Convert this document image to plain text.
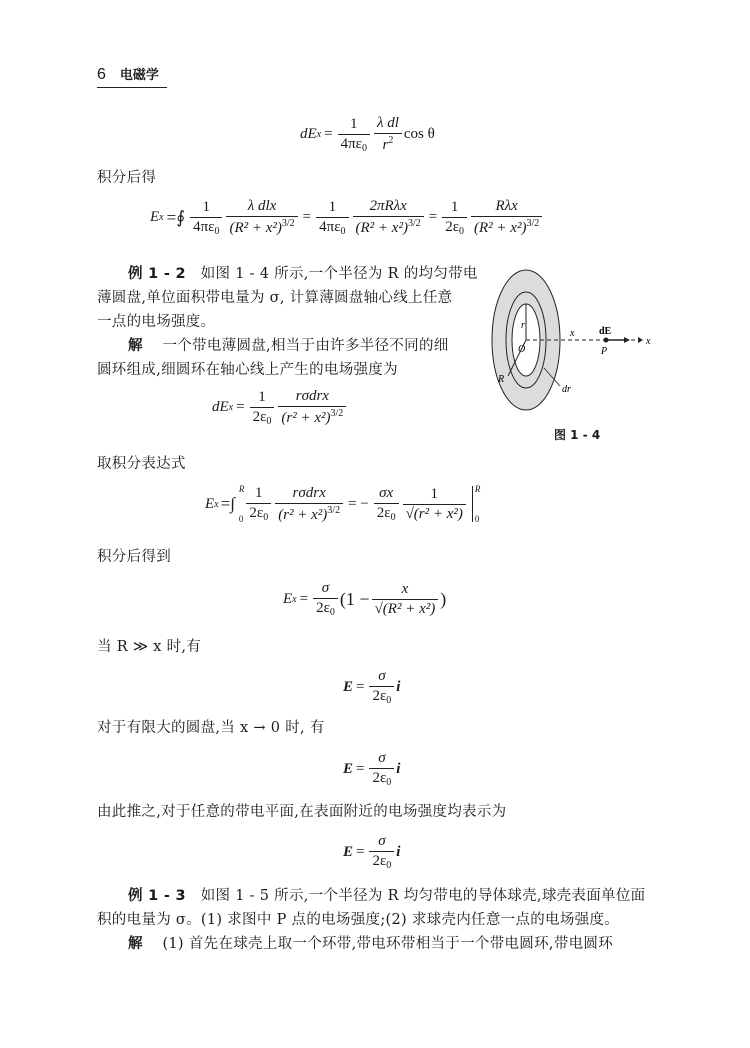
6 电磁学
dE $x = \frac{1}{4\pi\varepsilon_0} \frac{\text{λ dl}}{r^2}$ cos θ
积分后得
E x =∮ $\frac{1}{4\pi\varepsilon_0} \frac{\text{λ dlx}}{(R^2 + x^2)^{3/2}} = \frac{1}{4\pi\varepsilon_0} \frac{\text{2πRλx}}{(R^2 + x^2)^{3/2}} = \frac{1}{2\varepsilon_0} \frac{\text{Rλx}}{(R^2 + x^2)^{3/2}}$
例 1 - 2 如图 1 - 4 所示,一个半径为 R 的均匀带电
薄圆盘,单位面积带电量为 σ, 计算薄圆盘轴心线上任意
一点的电场强度。
解 一个带电薄圆盘,相当于由许多半径不同的细
圆环组成,细圆环在轴心线上产生的电场强度为
dE $x = \frac{1}{2\varepsilon_0} \frac{\text{rσdrx}}{(r^2 + x^2)^{3/2}}$
r
x dE
P
O
R
dr
x
图 1 - 4
取积分表达式
E x =∫
R
$0 \frac{1}{2\varepsilon_0} \frac{\text{rσdrx}}{(r^2 + x^2)^{3/2}}$ = − $\frac{\sigma x}{2\varepsilon_0} \frac{1}{\text{√(r² + x²)}}$ R
0
积分后得到
E $x = \frac{\sigma}{2\varepsilon_0} (1 - \frac{x}{\text{√(R² + x²)}}$ )
当 R ≫ x 时,有
$E = \frac{\sigma}{2\varepsilon_0}$ i
对于有限大的圆盘,当 x → 0 时, 有
$E = \frac{\sigma}{2\varepsilon_0}$ i
由此推之,对于任意的带电平面,在表面附近的电场强度均表示为
$E = \frac{\sigma}{2\varepsilon_0}$ i
例 1 - 3 如图 1 - 5 所示,一个半径为 R 均匀带电的导体球壳,球壳表面单位面
积的电量为 σ。(1) 求图中 P 点的电场强度;(2) 求球壳内任意一点的电场强度。
解 (1) 首先在球壳上取一个环带,带电环带相当于一个带电圆环,带电圆环
